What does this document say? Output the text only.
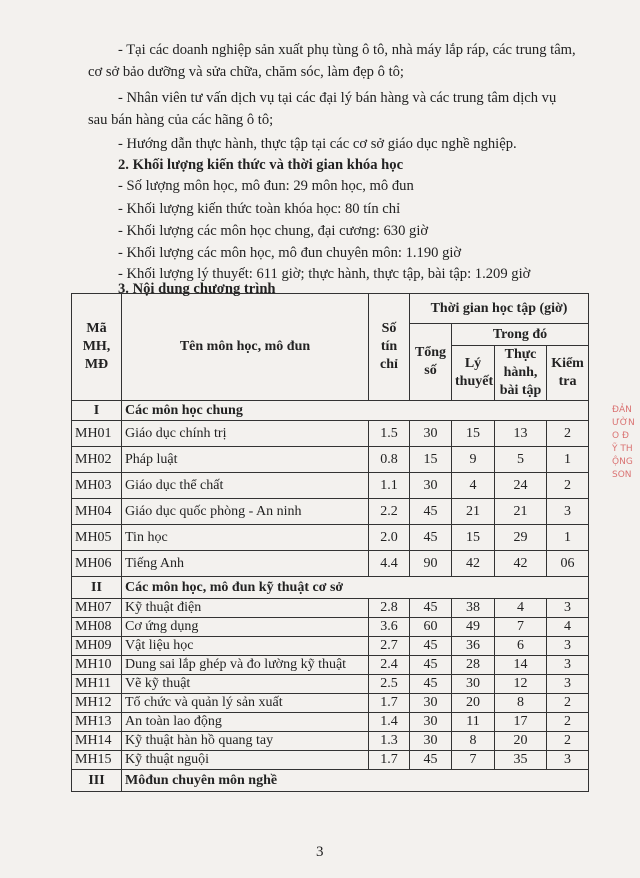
- Tại các doanh nghiệp sản xuất phụ tùng ô tô, nhà máy lắp ráp, các trung tâm,
cơ sở bảo dưỡng và sửa chữa, chăm sóc, làm đẹp ô tô;
- Nhân viên tư vấn dịch vụ tại các đại lý bán hàng và các trung tâm dịch vụ
sau bán hàng của các hãng ô tô;
- Hướng dẫn thực hành, thực tập tại các cơ sở giáo dục nghề nghiệp.
2. Khối lượng kiến thức và thời gian khóa học
- Số lượng môn học, mô đun: 29 môn học, mô đun
- Khối lượng kiến thức toàn khóa học: 80 tín chỉ
- Khối lượng các môn học chung, đại cương: 630 giờ
- Khối lượng các môn học, mô đun chuyên môn: 1.190 giờ
- Khối lượng lý thuyết: 611 giờ; thực hành, thực tập, bài tập: 1.209 giờ
3. Nội dung chương trình
Mã MH, MĐ	Tên môn học, mô đun	Số tín chỉ	Thời gian học tập (giờ)			
			Tổng số	Trong đó		
				Lý thuyết	Thực hành, bài tập	Kiểm tra
I	Các môn học chung					
MH01	Giáo dục chính trị	1.5	30	15	13	2
MH02	Pháp luật	0.8	15	9	5	1
MH03	Giáo dục thể chất	1.1	30	4	24	2
MH04	Giáo dục quốc phòng - An ninh	2.2	45	21	21	3
MH05	Tin học	2.0	45	15	29	1
MH06	Tiếng Anh	4.4	90	42	42	06
II	Các môn học, mô đun kỹ thuật cơ sở					
MH07	Kỹ thuật điện	2.8	45	38	4	3
MH08	Cơ ứng dụng	3.6	60	49	7	4
MH09	Vật liệu học	2.7	45	36	6	3
MH10	Dung sai lắp ghép và đo lường kỹ thuật	2.4	45	28	14	3
MH11	Vẽ kỹ thuật	2.5	45	30	12	3
MH12	Tổ chức và quản lý sản xuất	1.7	30	20	8	2
MH13	An toàn lao động	1.4	30	11	17	2
MH14	Kỹ thuật hàn hồ quang tay	1.3	30	8	20	2
MH15	Kỹ thuật nguội	1.7	45	7	35	3
III	Môđun chuyên môn nghề					
3
ĐẢN
ƯỜN
O Đ
Ỹ TH
ỘNG
SON
